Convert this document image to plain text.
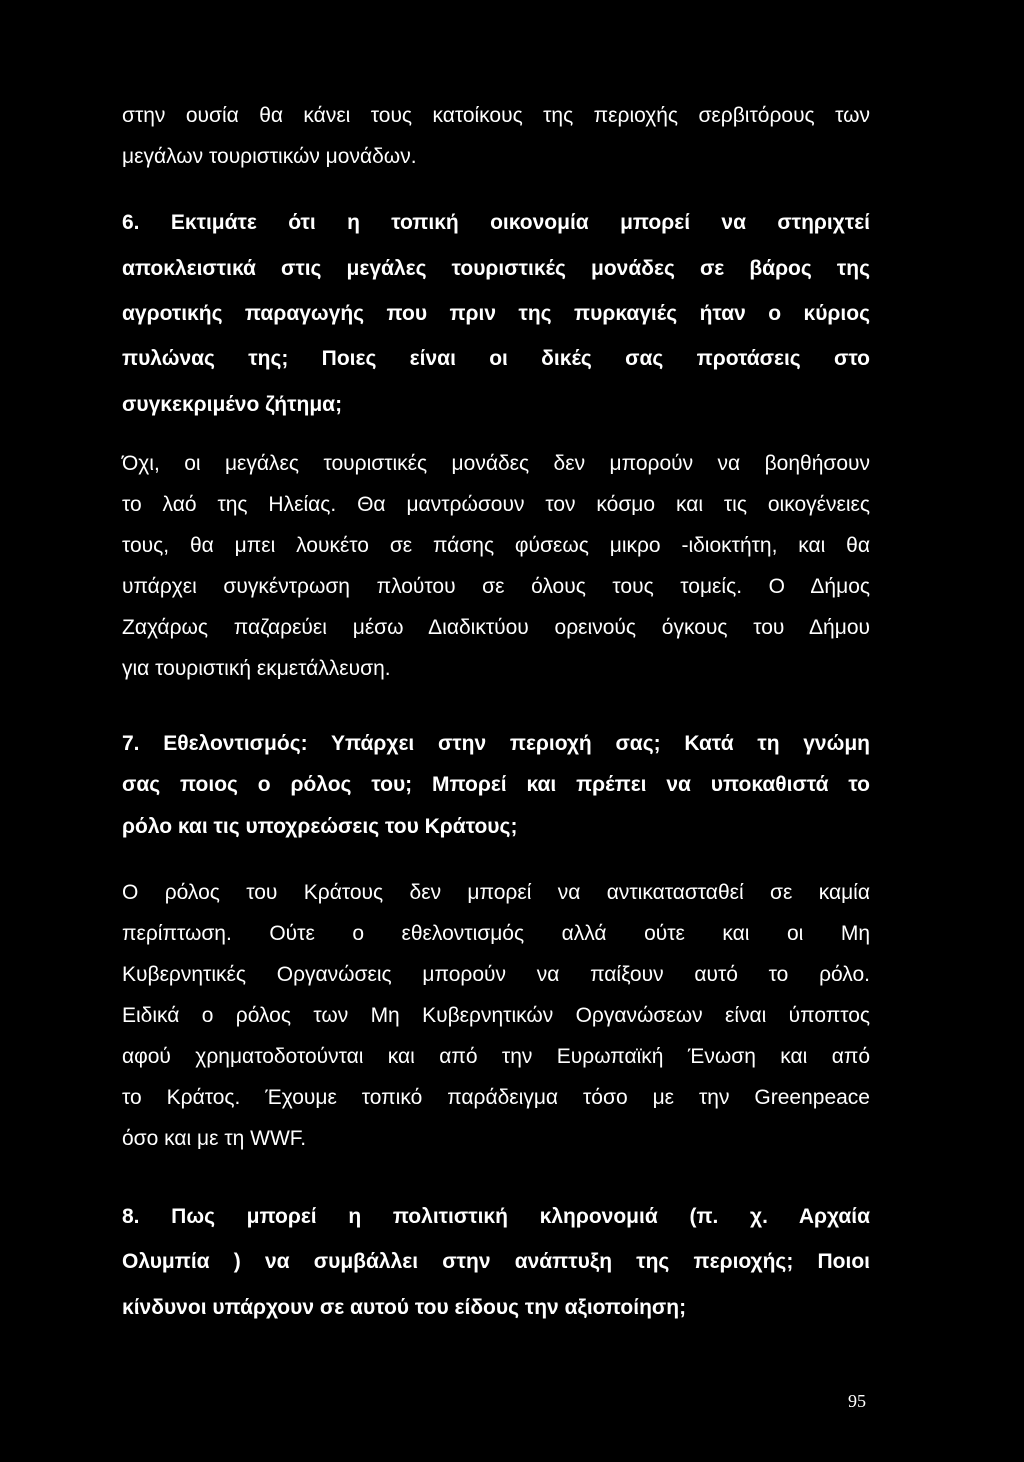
στην ουσία θα κάνει τους κατοίκους της περιοχής σερβιτόρους των

μεγάλων τουριστικών μονάδων.

6. Εκτιμάτε ότι η τοπική οικονομία μπορεί να στηριχτεί

αποκλειστικά στις μεγάλες τουριστικές μονάδες σε βάρος της

αγροτικής παραγωγής που πριν της πυρκαγιές ήταν ο κύριος

πυλώνας της; Ποιες είναι οι δικές σας προτάσεις στο

συγκεκριμένο ζήτημα;

Όχι, οι μεγάλες τουριστικές μονάδες δεν μπορούν να βοηθήσουν

το λαό της Ηλείας. Θα μαντρώσουν τον κόσμο και τις οικογένειες

τους, θα μπει λουκέτο σε πάσης φύσεως μικρο -ιδιοκτήτη, και θα

υπάρχει συγκέντρωση πλούτου σε όλους τους τομείς. Ο Δήμος

Ζαχάρως παζαρεύει μέσω Διαδικτύου ορεινούς όγκους του Δήμου

για τουριστική εκμετάλλευση.

7. Εθελοντισμός: Υπάρχει στην περιοχή σας; Κατά τη γνώμη

σας ποιος ο ρόλος του; Μπορεί και πρέπει να υποκαθιστά το

ρόλο και τις υποχρεώσεις του Κράτους;

Ο ρόλος του Κράτους δεν μπορεί να αντικατασταθεί σε καμία

περίπτωση. Ούτε ο εθελοντισμός αλλά ούτε και οι Μη

Κυβερνητικές Οργανώσεις μπορούν να παίξουν αυτό το ρόλο.

Ειδικά ο ρόλος των Μη Κυβερνητικών Οργανώσεων είναι ύποπτος

αφού χρηματοδοτούνται και από την Ευρωπαϊκή Ένωση και από

το Κράτος. Έχουμε τοπικό παράδειγμα τόσο με την Greenpeace

όσο και με τη WWF.

8. Πως μπορεί η πολιτιστική κληρονομιά (π. χ. Αρχαία

Ολυμπία ) να συμβάλλει στην ανάπτυξη της περιοχής; Ποιοι

κίνδυνοι υπάρχουν σε αυτού του είδους την αξιοποίηση;

95
